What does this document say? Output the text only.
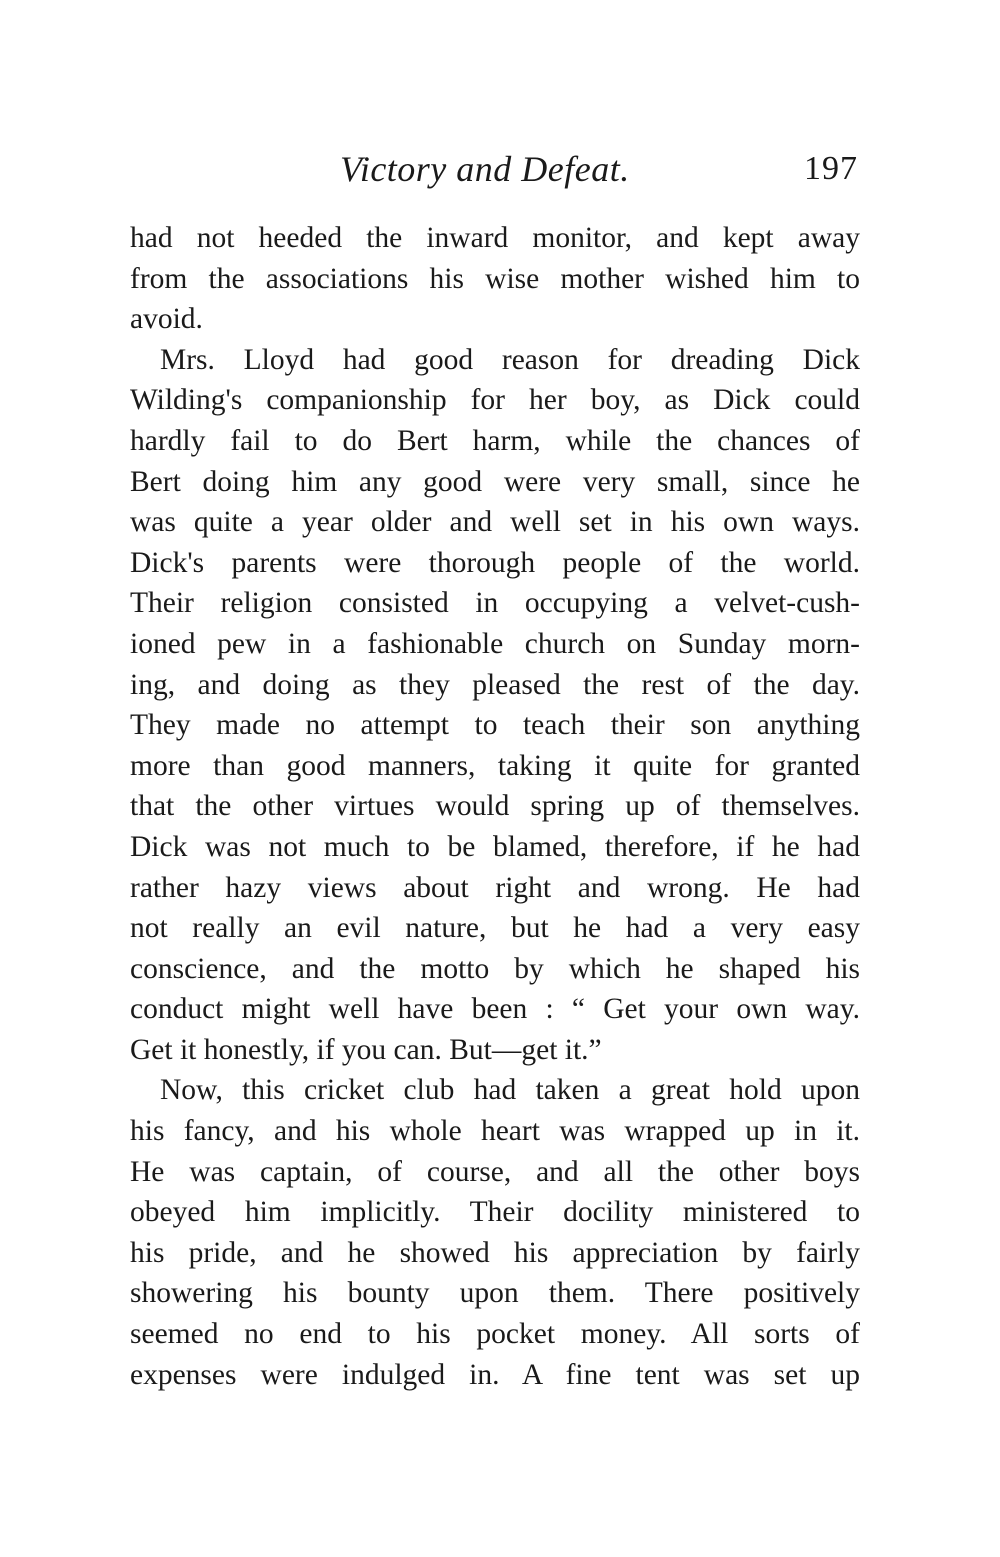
Victory and Defeat.	197
had not heeded the inward monitor, and kept away
from the associations his wise mother wished him to
avoid.
Mrs. Lloyd had good reason for dreading Dick
Wilding's companionship for her boy, as Dick could
hardly fail to do Bert harm, while the chances of
Bert doing him any good were very small, since he
was quite a year older and well set in his own ways.
Dick's parents were thorough people of the world.
Their religion consisted in occupying a velvet-cush-
ioned pew in a fashionable church on Sunday morn-
ing, and doing as they pleased the rest of the day.
They made no attempt to teach their son anything
more than good manners, taking it quite for granted
that the other virtues would spring up of themselves.
Dick was not much to be blamed, therefore, if he had
rather hazy views about right and wrong. He had
not really an evil nature, but he had a very easy
conscience, and the motto by which he shaped his
conduct might well have been : “ Get your own way.
Get it honestly, if you can. But—get it.”
Now, this cricket club had taken a great hold upon
his fancy, and his whole heart was wrapped up in it.
He was captain, of course, and all the other boys
obeyed him implicitly. Their docility ministered to
his pride, and he showed his appreciation by fairly
showering his bounty upon them. There positively
seemed no end to his pocket money. All sorts of
expenses were indulged in. A fine tent was set up
